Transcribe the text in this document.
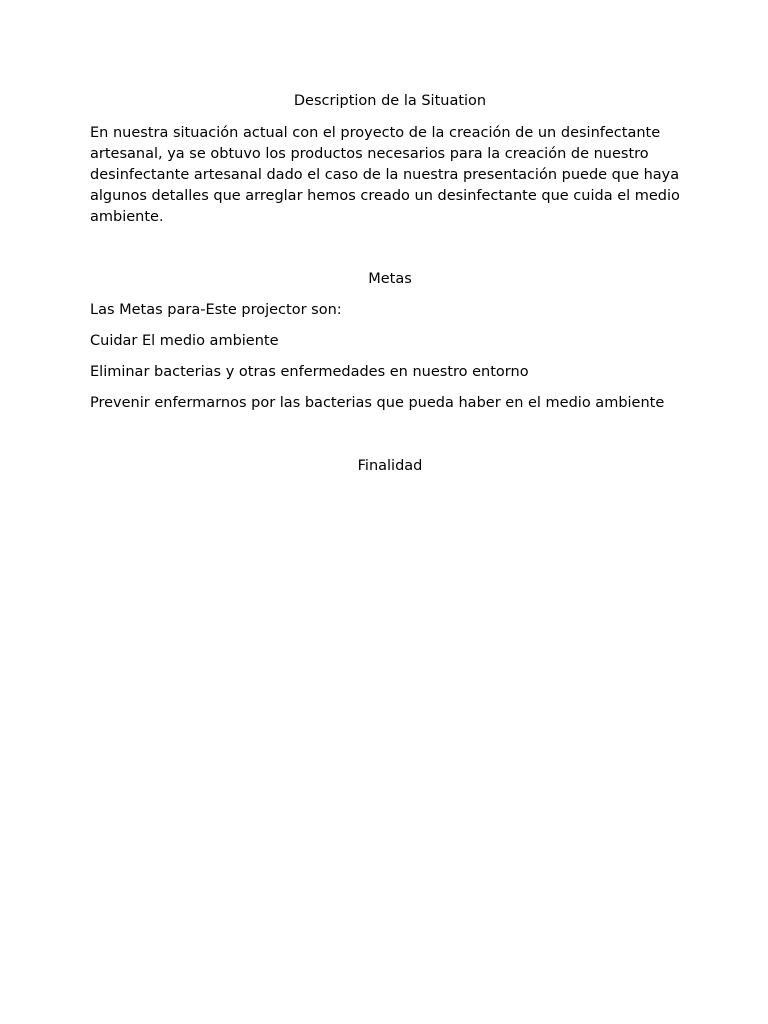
Description de la Situation

En nuestra situación actual con el proyecto de la creación de un desinfectante artesanal, ya se obtuvo los productos necesarios para la creación de nuestro desinfectante artesanal dado el caso de la nuestra presentación puede que haya algunos detalles que arreglar hemos creado un desinfectante que cuida el medio ambiente.

Metas

Las Metas para-Este projector son:

Cuidar El medio ambiente

Eliminar bacterias y otras enfermedades en nuestro entorno

Prevenir enfermarnos por las bacterias que pueda haber en el medio ambiente

Finalidad
